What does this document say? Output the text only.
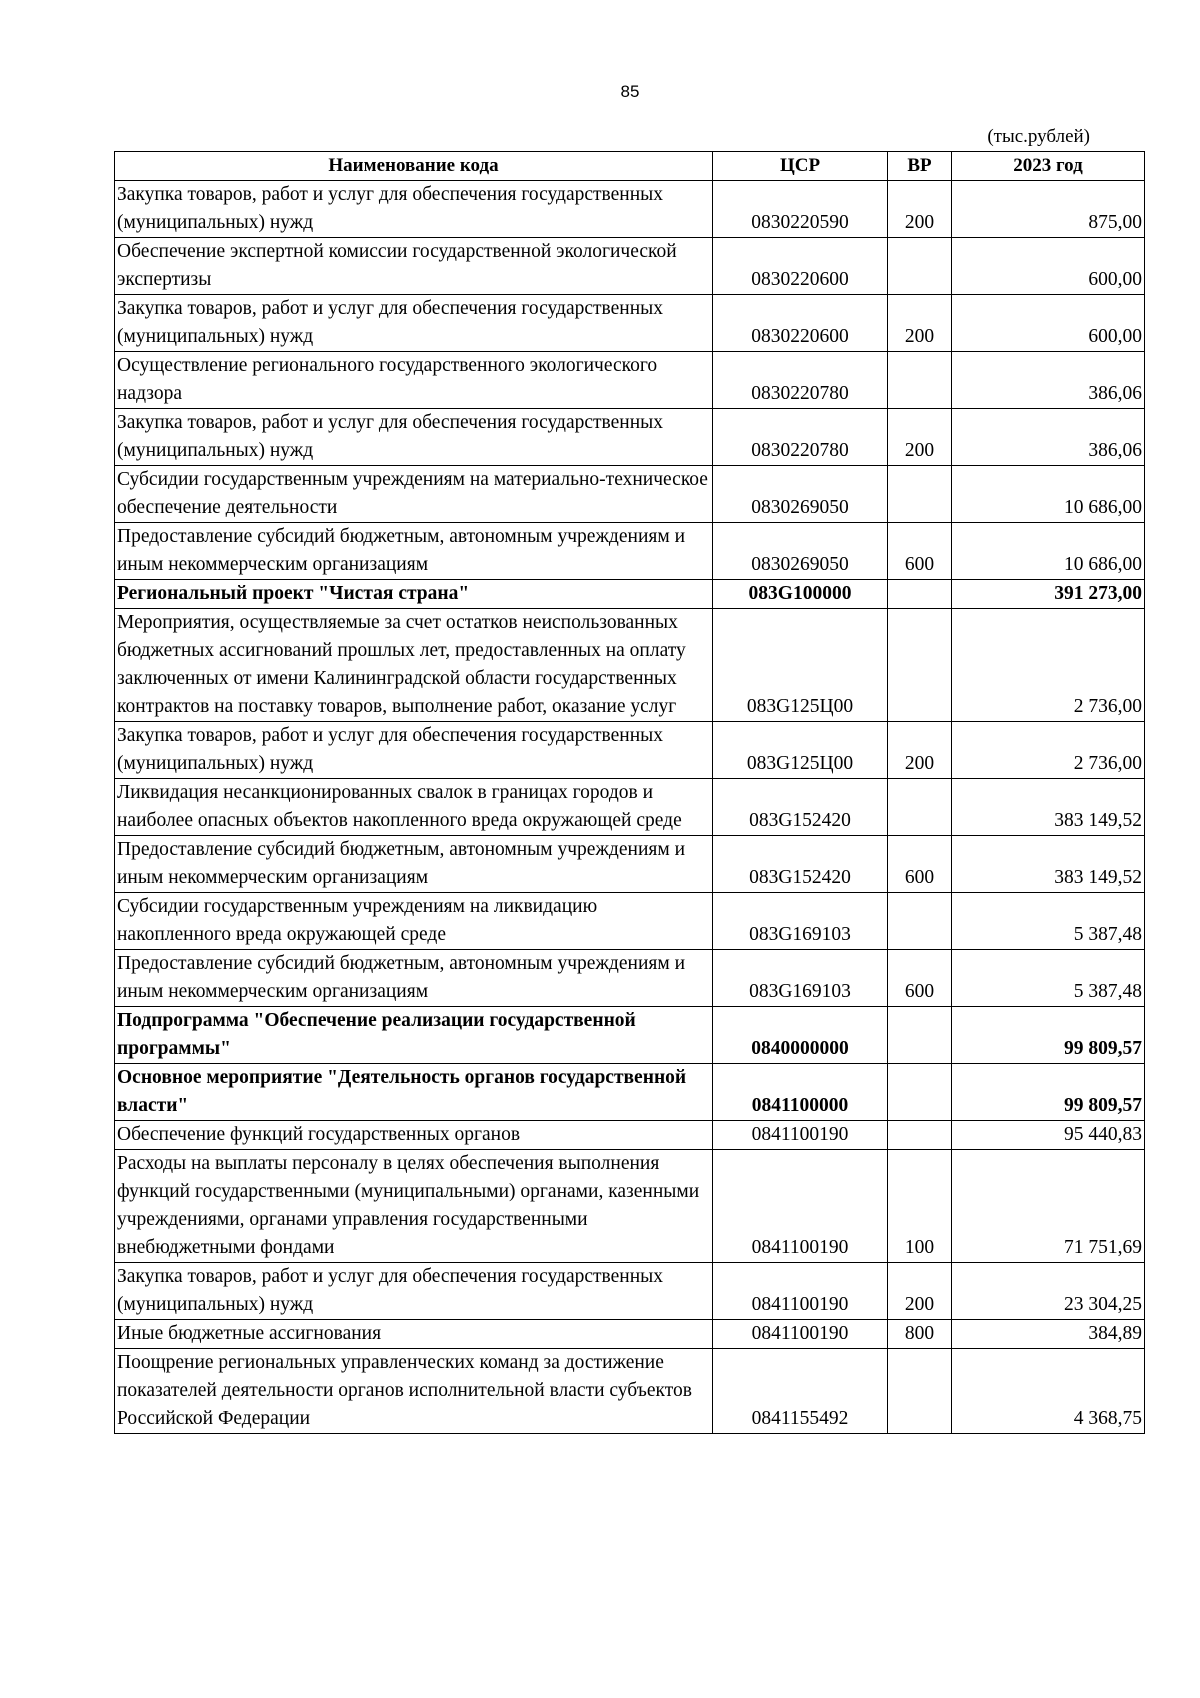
85
(тыс.рублей)
Наименование кода	ЦСР	ВР	2023 год
Закупка товаров, работ и услуг для обеспечения государственных (муниципальных) нужд	0830220590	200	875,00
Обеспечение экспертной комиссии государственной экологической экспертизы	0830220600		600,00
Закупка товаров, работ и услуг для обеспечения государственных (муниципальных) нужд	0830220600	200	600,00
Осуществление регионального государственного экологического надзора	0830220780		386,06
Закупка товаров, работ и услуг для обеспечения государственных (муниципальных) нужд	0830220780	200	386,06
Субсидии государственным учреждениям на материально-техническое обеспечение деятельности	0830269050		10 686,00
Предоставление субсидий бюджетным, автономным учреждениям и иным некоммерческим организациям	0830269050	600	10 686,00
Региональный проект "Чистая страна"	083G100000		391 273,00
Мероприятия, осуществляемые за счет остатков неиспользованных бюджетных ассигнований прошлых лет, предоставленных на оплату заключенных от имени Калининградской области государственных контрактов на поставку товаров, выполнение работ, оказание услуг	083G125Ц00		2 736,00
Закупка товаров, работ и услуг для обеспечения государственных (муниципальных) нужд	083G125Ц00	200	2 736,00
Ликвидация несанкционированных свалок в границах городов и наиболее опасных объектов накопленного вреда окружающей среде	083G152420		383 149,52
Предоставление субсидий бюджетным, автономным учреждениям и иным некоммерческим организациям	083G152420	600	383 149,52
Субсидии государственным учреждениям на ликвидацию накопленного вреда окружающей среде	083G169103		5 387,48
Предоставление субсидий бюджетным, автономным учреждениям и иным некоммерческим организациям	083G169103	600	5 387,48
Подпрограмма "Обеспечение реализации государственной программы"	0840000000		99 809,57
Основное мероприятие "Деятельность органов государственной власти"	0841100000		99 809,57
Обеспечение функций государственных органов	0841100190		95 440,83
Расходы на выплаты персоналу в целях обеспечения выполнения функций государственными (муниципальными) органами, казенными учреждениями, органами управления государственными внебюджетными фондами	0841100190	100	71 751,69
Закупка товаров, работ и услуг для обеспечения государственных (муниципальных) нужд	0841100190	200	23 304,25
Иные бюджетные ассигнования	0841100190	800	384,89
Поощрение региональных управленческих команд за достижение показателей деятельности органов исполнительной власти субъектов Российской Федерации	0841155492		4 368,75
